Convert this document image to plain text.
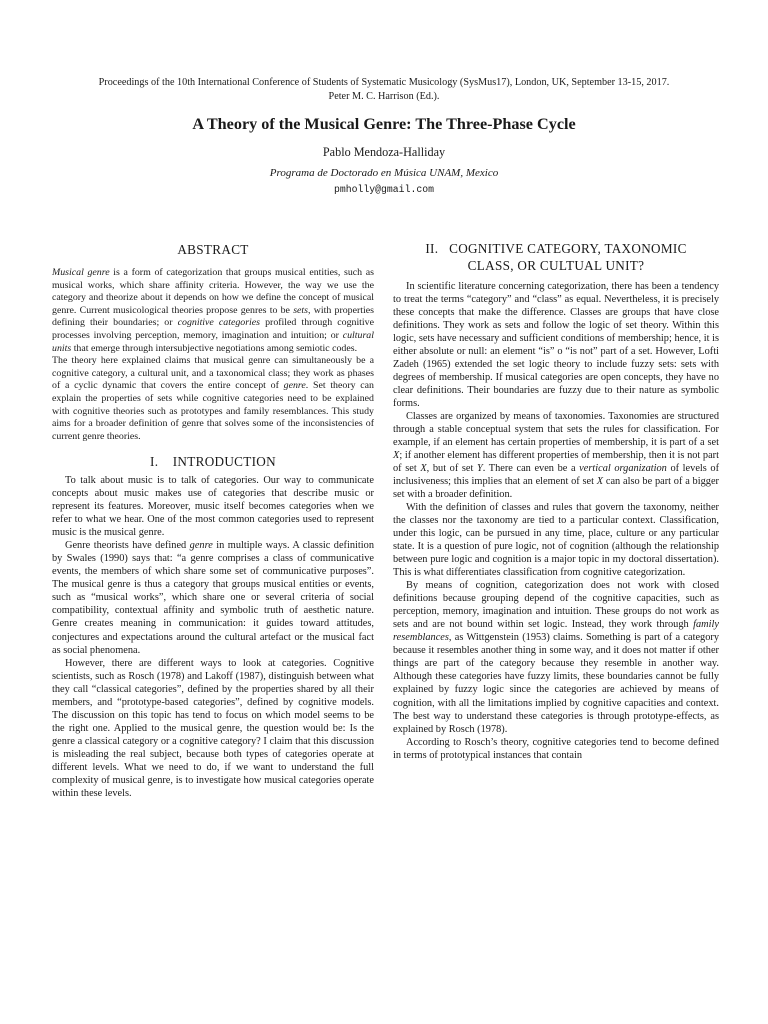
Proceedings of the 10th International Conference of Students of Systematic Musicology (SysMus17), London, UK, September 13-15, 2017.
Peter M. C. Harrison (Ed.).
A Theory of the Musical Genre: The Three-Phase Cycle
Pablo Mendoza-Halliday
Programa de Doctorado en Música UNAM, Mexico
pmholly@gmail.com
ABSTRACT

Musical genre is a form of categorization that groups musical entities, such as musical works, which share affinity criteria. However, the way we use the category and theorize about it depends on how we define the concept of musical genre. Current musicological theories propose genres to be sets, with properties defining their boundaries; or cognitive categories profiled through cognitive processes involving perception, memory, imagination and intuition; or cultural units that emerge through intersubjective negotiations among semiotic codes.

The theory here explained claims that musical genre can simultaneously be a cognitive category, a cultural unit, and a taxonomical class; they work as phases of a cyclic dynamic that covers the entire concept of genre. Set theory can explain the properties of sets while cognitive categories need to be explained with cognitive theories such as prototypes and family resemblances. This study aims for a broader definition of genre that solves some of the inconsistencies of current genre theories.

I.    INTRODUCTION

To talk about music is to talk of categories. Our way to communicate concepts about music makes use of categories that describe music or represent its features. Moreover, music itself becomes categories when we refer to what we hear. One of the most common categories used to represent music is the musical genre.

Genre theorists have defined genre in multiple ways. A classic definition by Swales (1990) says that: “a genre comprises a class of communicative events, the members of which share some set of communicative purposes”. The musical genre is thus a category that groups musical entities or events, such as “musical works”, which share one or several criteria of social compatibility, contextual affinity and symbolic truth of aesthetic nature. Genre creates meaning in communication: it guides toward attitudes, conjectures and expectations around the cultural artefact or the musical fact as social phenomena.

However, there are different ways to look at categories. Cognitive scientists, such as Rosch (1978) and Lakoff (1987), distinguish between what they call “classical categories”, defined by the properties shared by all their members, and “prototype-based categories”, defined by cognitive models. The discussion on this topic has tend to focus on which model seems to be the right one. Applied to the musical genre, the question would be: Is the genre a classical category or a cognitive category? I claim that this discussion is misleading the real subject, because both types of categories operate at different levels. What we need to do, if we want to understand the full complexity of musical genre, is to investigate how musical categories operate within these levels.

II.   COGNITIVE CATEGORY, TAXONOMIC
CLASS, OR CULTUAL UNIT?

In scientific literature concerning categorization, there has been a tendency to treat the terms “category” and “class” as equal. Nevertheless, it is precisely these concepts that make the difference. Classes are groups that have close definitions. They work as sets and follow the logic of set theory. Within this logic, sets have necessary and sufficient conditions of membership; hence, it is either absolute or null: an element “is” o “is not” part of a set. However, Lofti Zadeh (1965) extended the set logic theory to include fuzzy sets: sets with degrees of membership. If musical categories are open concepts, they have no clear definitions. Their boundaries are fuzzy due to their nature as symbolic forms.

Classes are organized by means of taxonomies. Taxonomies are structured through a stable conceptual system that sets the rules for classification. For example, if an element has certain properties of membership, it is part of a set X; if another element has different properties of membership, then it is not part of set X, but of set Y. There can even be a vertical organization of levels of inclusiveness; this implies that an element of set X can also be part of a bigger set with a broader definition.

With the definition of classes and rules that govern the taxonomy, neither the classes nor the taxonomy are tied to a particular context. Classification, under this logic, can be pursued in any time, place, culture or any particular state. It is a question of pure logic, not of cognition (although the relationship between pure logic and cognition is a major topic in my doctoral dissertation). This is what differentiates classification from cognitive categorization.

By means of cognition, categorization does not work with closed definitions because grouping depend of the cognitive capacities, such as perception, memory, imagination and intuition. These groups do not work as sets and are not bound within set logic. Instead, they work through family resemblances, as Wittgenstein (1953) claims. Something is part of a category because it resembles another thing in some way, and it does not matter if other things are part of the category because they resemble in another way. Although these categories have fuzzy limits, these boundaries cannot be fully explained by fuzzy logic since the categories are achieved by means of cognition, with all the limitations implied by cognitive capacities and context. The best way to understand these categories is through prototype-effects, as explained by Rosch (1978).

According to Rosch’s theory, cognitive categories tend to become defined in terms of prototypical instances that contain
